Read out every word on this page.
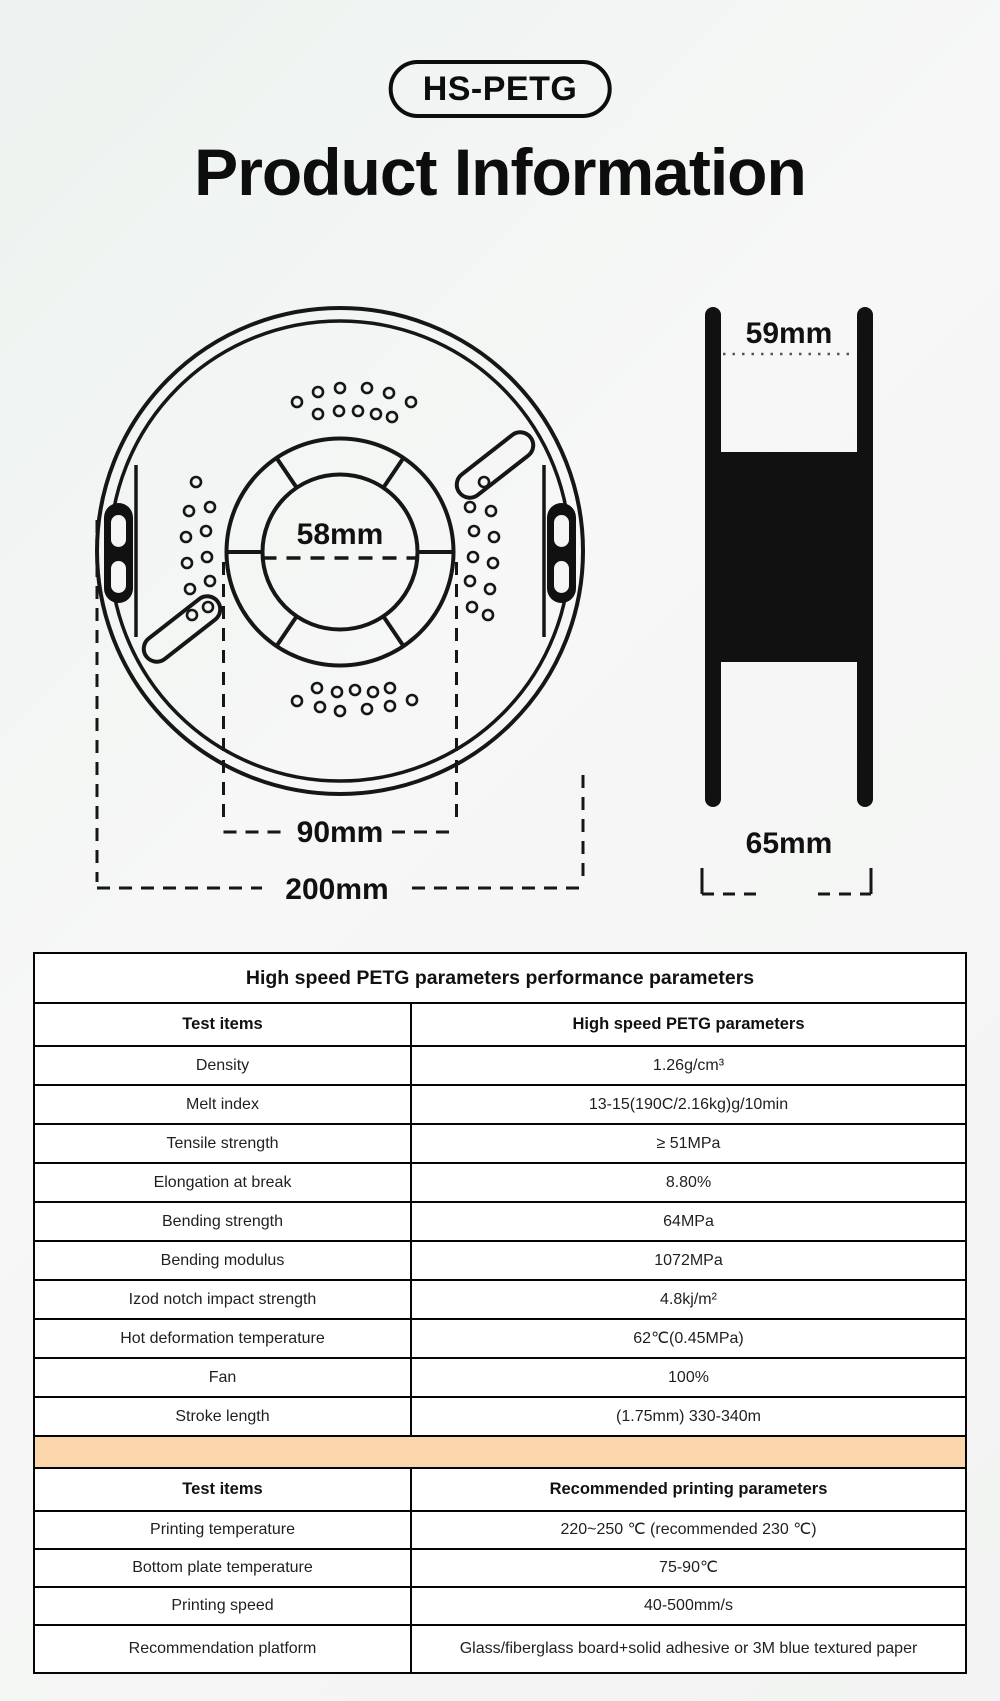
HS-PETG
Product Information
58mm
90mm
200mm
59mm
65mm
High speed PETG parameters performance parameters
Test items	High speed PETG parameters
Density	1.26g/cm³
Melt index	13-15(190C/2.16kg)g/10min
Tensile strength	≥ 51MPa
Elongation at break	8.80%
Bending strength	64MPa
Bending modulus	1072MPa
Izod notch impact strength	4.8kj/m²
Hot deformation temperature	62℃(0.45MPa)
Fan	100%
Stroke length	(1.75mm) 330-340m
Test items	Recommended printing parameters
Printing temperature	220~250 ℃ (recommended 230 ℃)
Bottom plate temperature	75-90℃
Printing speed	40-500mm/s
Recommendation platform	Glass/fiberglass board+solid adhesive or 3M blue textured paper
